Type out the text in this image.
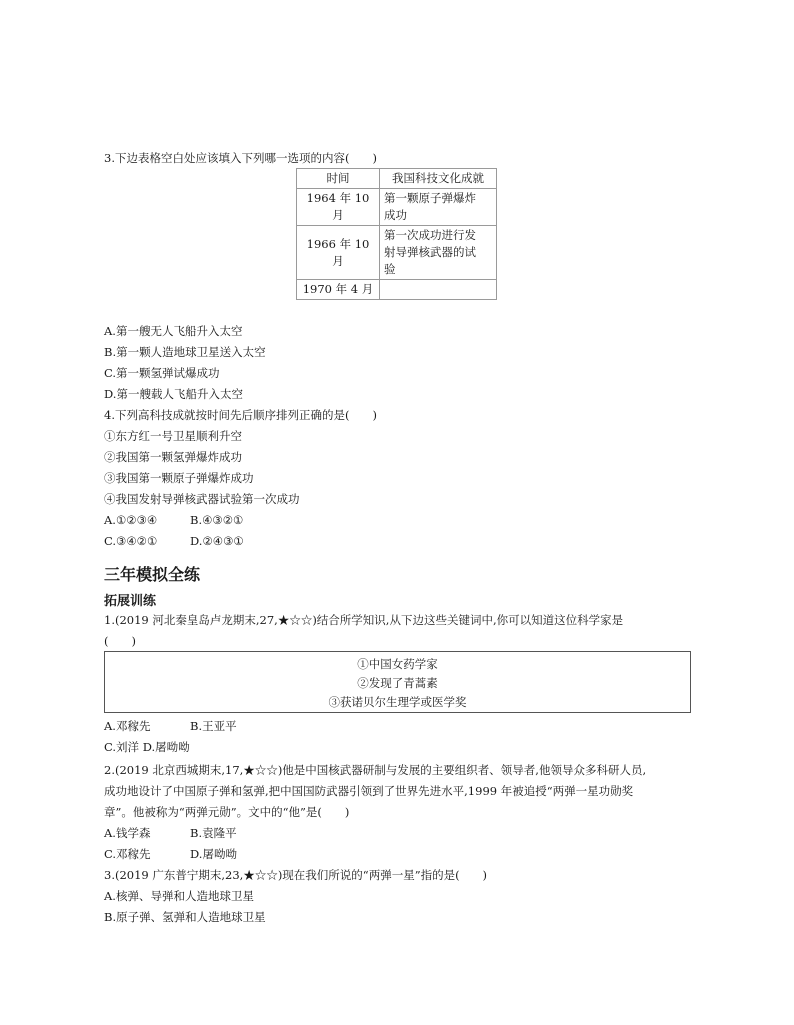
3.下边表格空白处应该填入下列哪一选项的内容(　　)
时间	我国科技文化成就
1964 年 10 月	第一颗原子弹爆炸
成功

1966 年 10 月	第一次成功进行发
射导弹核武器的试
验

1970 年 4 月	
A.第一艘无人飞船升入太空
B.第一颗人造地球卫星送入太空
C.第一颗氢弹试爆成功
D.第一艘载人飞船升入太空
4.下列高科技成就按时间先后顺序排列正确的是(　　)
①东方红一号卫星顺利升空
②我国第一颗氢弹爆炸成功
③我国第一颗原子弹爆炸成功
④我国发射导弹核武器试验第一次成功
A.①②③④	B.④③②①
C.③④②①	D.②④③①
三年模拟全练
拓展训练
1.(2019 河北秦皇岛卢龙期末,27,★☆☆)结合所学知识,从下边这些关键词中,你可以知道这位科学家是
(　　)
①中国女药学家
②发现了青蒿素
③获诺贝尔生理学或医学奖
A.邓稼先	B.王亚平
C.刘洋 D.屠呦呦
2.(2019 北京西城期末,17,★☆☆)他是中国核武器研制与发展的主要组织者、领导者,他领导众多科研人员,
成功地设计了中国原子弹和氢弹,把中国国防武器引领到了世界先进水平,1999 年被追授“两弹一星功勋奖
章”。他被称为“两弹元勋”。文中的“他”是(　　)
A.钱学森	B.袁隆平
C.邓稼先	D.屠呦呦
3.(2019 广东普宁期末,23,★☆☆)现在我们所说的“两弹一星”指的是(　　)
A.核弹、导弹和人造地球卫星
B.原子弹、氢弹和人造地球卫星
